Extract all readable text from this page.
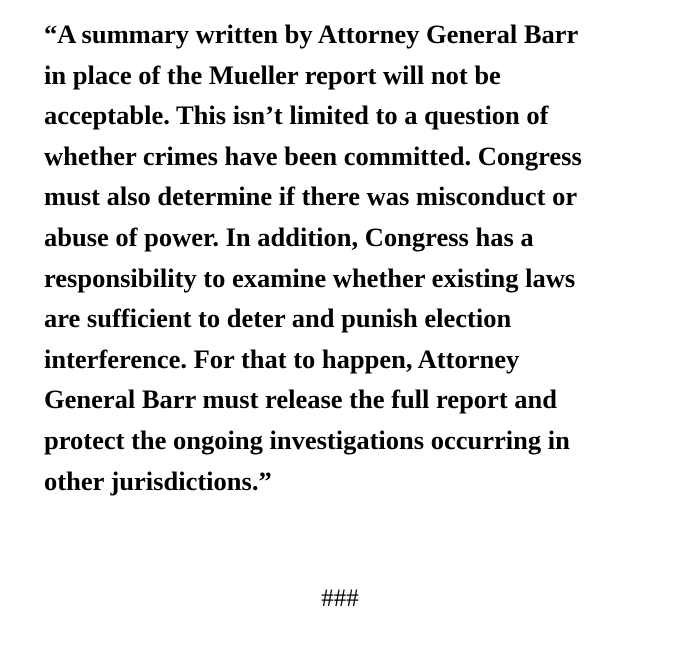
“A summary written by Attorney General Barr
in place of the Mueller report will not be
acceptable. This isn’t limited to a question of
whether crimes have been committed. Congress
must also determine if there was misconduct or
abuse of power. In addition, Congress has a
responsibility to examine whether existing laws
are sufficient to deter and punish election
interference. For that to happen, Attorney
General Barr must release the full report and
protect the ongoing investigations occurring in
other jurisdictions.”

###
